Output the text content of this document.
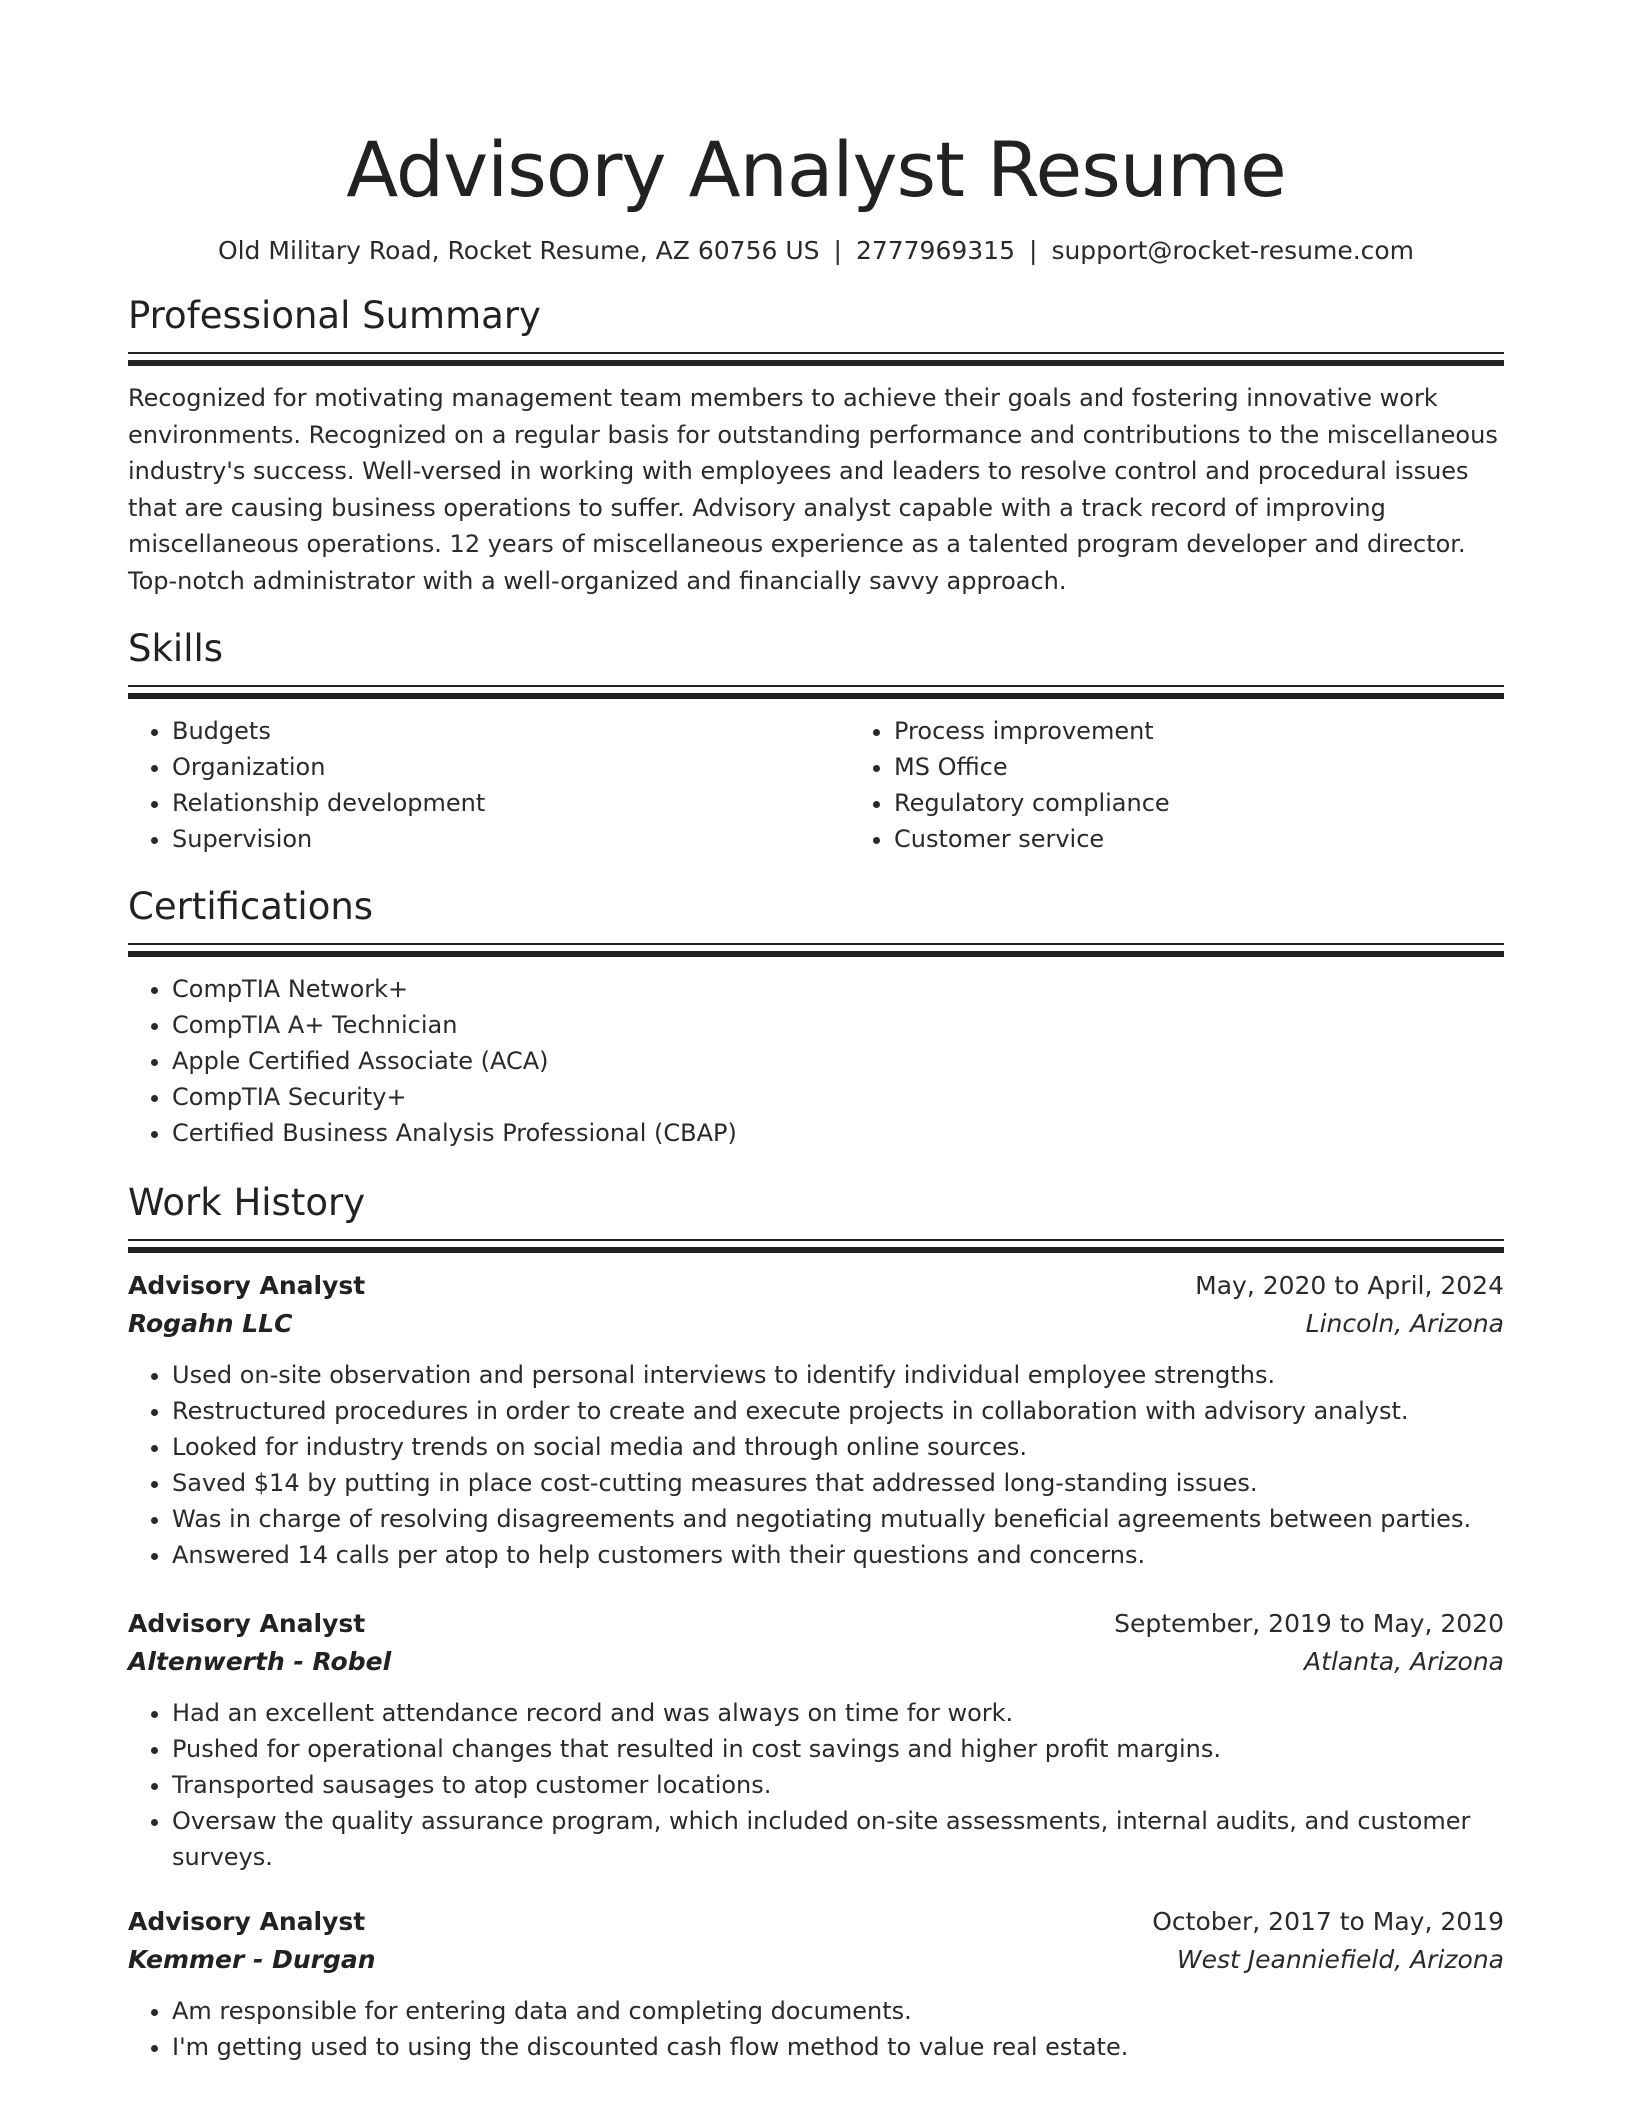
Advisory Analyst Resume
Old Military Road, Rocket Resume, AZ 60756 US | 2777969315 | support@rocket-resume.com
Professional Summary
Recognized for motivating management team members to achieve their goals and fostering innovative work environments. Recognized on a regular basis for outstanding performance and contributions to the miscellaneous industry's success. Well-versed in working with employees and leaders to resolve control and procedural issues that are causing business operations to suffer. Advisory analyst capable with a track record of improving miscellaneous operations. 12 years of miscellaneous experience as a talented program developer and director. Top-notch administrator with a well-organized and financially savvy approach.
Skills
• Budgets
• Organization
• Relationship development
• Supervision
• Process improvement
• MS Office
• Regulatory compliance
• Customer service
Certifications
• CompTIA Network+
• CompTIA A+ Technician
• Apple Certified Associate (ACA)
• CompTIA Security+
• Certified Business Analysis Professional (CBAP)
Work History
Advisory Analyst	May, 2020 to April, 2024
Rogahn LLC	Lincoln, Arizona
• Used on-site observation and personal interviews to identify individual employee strengths.
• Restructured procedures in order to create and execute projects in collaboration with advisory analyst.
• Looked for industry trends on social media and through online sources.
• Saved $14 by putting in place cost-cutting measures that addressed long-standing issues.
• Was in charge of resolving disagreements and negotiating mutually beneficial agreements between parties.
• Answered 14 calls per atop to help customers with their questions and concerns.
Advisory Analyst	September, 2019 to May, 2020
Altenwerth - Robel	Atlanta, Arizona
• Had an excellent attendance record and was always on time for work.
• Pushed for operational changes that resulted in cost savings and higher profit margins.
• Transported sausages to atop customer locations.
• Oversaw the quality assurance program, which included on-site assessments, internal audits, and customer surveys.
Advisory Analyst	October, 2017 to May, 2019
Kemmer - Durgan	West Jeanniefield, Arizona
• Am responsible for entering data and completing documents.
• I'm getting used to using the discounted cash flow method to value real estate.
